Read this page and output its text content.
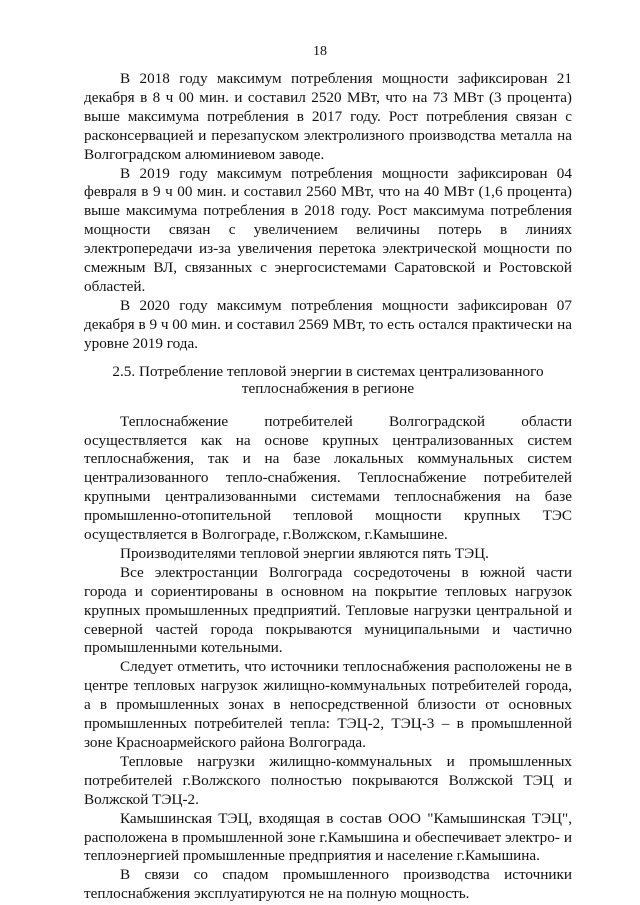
18

В 2018 году максимум потребления мощности зафиксирован 21 декабря в 8 ч 00 мин. и составил 2520 МВт, что на 73 МВт (3 процента) выше максимума потребления в 2017 году. Рост потребления связан с расконсервацией и перезапуском электролизного производства металла на Волгоградском алюминиевом заводе.

В 2019 году максимум потребления мощности зафиксирован 04 февраля в 9 ч 00 мин. и составил 2560 МВт, что на 40 МВт (1,6 процента) выше максимума потребления в 2018 году. Рост максимума потребления мощности связан с увеличением величины потерь в линиях электропередачи из-за увеличения перетока электрической мощности по смежным ВЛ, связанных с энергосистемами Саратовской и Ростовской областей.

В 2020 году максимум потребления мощности зафиксирован 07 декабря в 9 ч 00 мин. и составил 2569 МВт, то есть остался практически на уровне 2019 года.

2.5. Потребление тепловой энергии в системах централизованного
теплоснабжения в регионе

Теплоснабжение потребителей Волгоградской области осуществляется как на основе крупных централизованных систем теплоснабжения, так и на базе локальных коммунальных систем централизованного тепло-снабжения. Теплоснабжение потребителей крупными централизованными системами теплоснабжения на базе промышленно-отопительной тепловой мощности крупных ТЭС осуществляется в Волгограде, г.Волжском, г.Камышине.

Производителями тепловой энергии являются пять ТЭЦ.

Все электростанции Волгограда сосредоточены в южной части города и сориентированы в основном на покрытие тепловых нагрузок крупных промышленных предприятий. Тепловые нагрузки центральной и северной частей города покрываются муниципальными и частично промышленными котельными.

Следует отметить, что источники теплоснабжения расположены не в центре тепловых нагрузок жилищно-коммунальных потребителей города, а в промышленных зонах в непосредственной близости от основных промышленных потребителей тепла: ТЭЦ-2, ТЭЦ-3 – в промышленной зоне Красноармейского района Волгограда.

Тепловые нагрузки жилищно-коммунальных и промышленных потребителей г.Волжского полностью покрываются Волжской ТЭЦ и Волжской ТЭЦ-2.

Камышинская ТЭЦ, входящая в состав ООО "Камышинская ТЭЦ", расположена в промышленной зоне г.Камышина и обеспечивает электро- и теплоэнергией промышленные предприятия и население г.Камышина.

В связи со спадом промышленного производства источники теплоснабжения эксплуатируются не на полную мощность.
